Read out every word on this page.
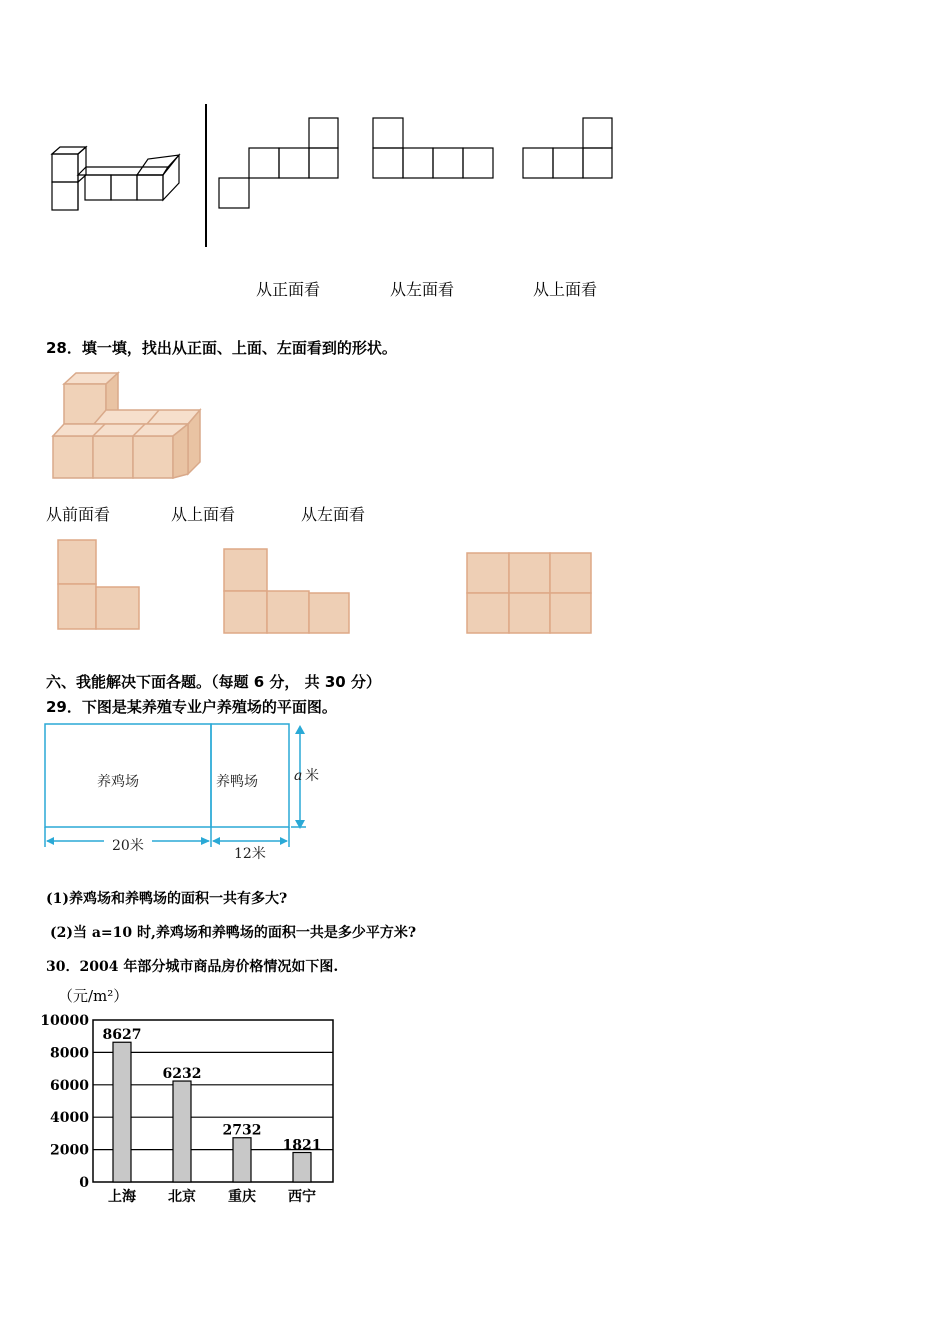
从正面看	从左面看	从上面看
28．填一填，找出从正面、上面、左面看到的形状。
从前面看	从上面看	从左面看
六、我能解决下面各题。（每题 6 分， 共 30 分）
29．下图是某养殖专业户养殖场的平面图。
养鸡场	养鸭场	a 米
20米	12米
(1)养鸡场和养鸭场的面积一共有多大?
(2)当 a=10 时,养鸡场和养鸭场的面积一共是多少平方米?
30．2004 年部分城市商品房价格情况如下图.
（元/m²）
0
2000
4000
6000
8000
10000
8627
6232
2732
1821
上海 北京 重庆 西宁
